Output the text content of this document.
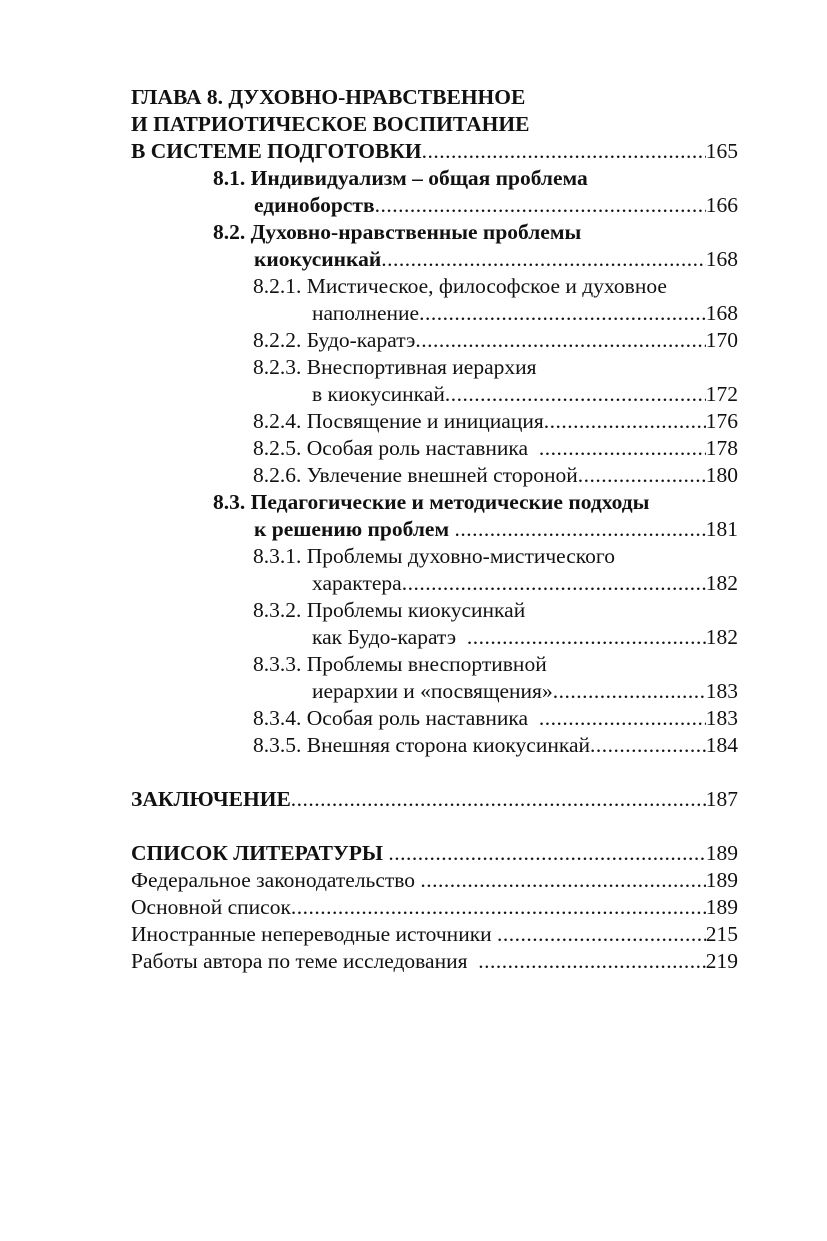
ГЛАВА 8. ДУХОВНО-НРАВСТВЕННОЕ
И ПАТРИОТИЧЕСКОЕ ВОСПИТАНИЕ
В СИСТЕМЕ ПОДГОТОВКИ .....	165
8.1. Индивидуализм – общая проблема
единоборств .....	166
8.2. Духовно-нравственные проблемы
киокусинкай .....	168
8.2.1. Мистическое, философское и духовное
наполнение .....	168
8.2.2. Будо-каратэ .....	170
8.2.3. Внеспортивная иерархия
в киокусинкай .....	172
8.2.4. Посвящение и инициация .....	176
8.2.5. Особая роль наставника .....	178
8.2.6. Увлечение внешней стороной .....	180
8.3. Педагогические и методические подходы
к решению проблем .....	181
8.3.1. Проблемы духовно-мистического
характера .....	182
8.3.2. Проблемы киокусинкай
как Будо-каратэ .....	182
8.3.3. Проблемы внеспортивной
иерархии и «посвящения» .....	183
8.3.4. Особая роль наставника .....	183
8.3.5. Внешняя сторона киокусинкай .....	184
ЗАКЛЮЧЕНИЕ .....	187
СПИСОК ЛИТЕРАТУРЫ .....	189
Федеральное законодательство .....	189
Основной список .....	189
Иностранные непереводные источники .....	215
Работы автора по теме исследования .....	219
